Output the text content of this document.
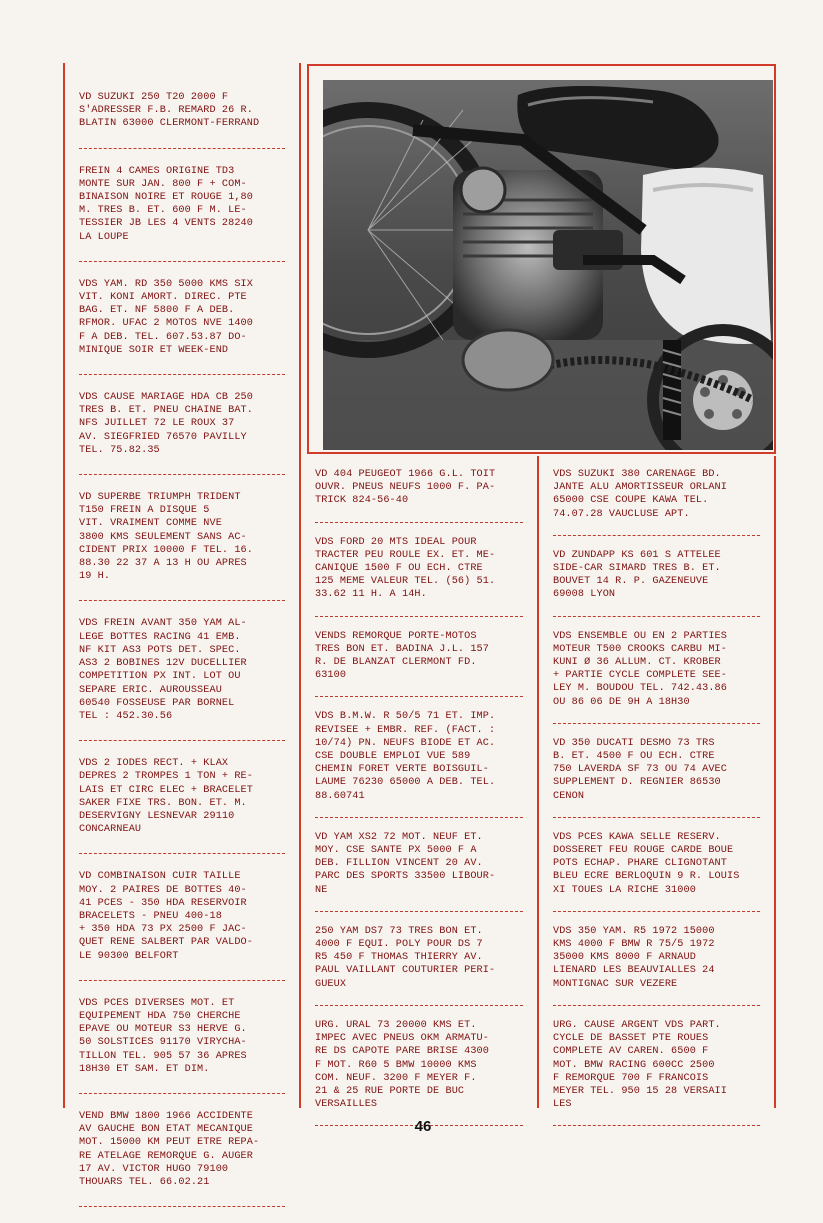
VD SUZUKI 250 T20 2000 F
S'ADRESSER F.B. REMARD 26 R.
BLATIN 63000 CLERMONT-FERRAND

FREIN 4 CAMES ORIGINE TD3
MONTE SUR JAN. 800 F + COM-
BINAISON NOIRE ET ROUGE 1,80
M. TRES B. ET. 600 F M. LE-
TESSIER JB LES 4 VENTS 28240
LA LOUPE

VDS YAM. RD 350 5000 KMS SIX
VIT. KONI AMORT. DIREC. PTE
BAG. ET. NF 5800 F A DEB.
RFMOR. UFAC 2 MOTOS NVE 1400
F A DEB. TEL. 607.53.87 DO-
MINIQUE SOIR ET WEEK-END

VDS CAUSE MARIAGE HDA CB 250
TRES B. ET. PNEU CHAINE BAT.
NFS JUILLET 72 LE ROUX 37
AV. SIEGFRIED 76570 PAVILLY
TEL. 75.82.35

VD SUPERBE TRIUMPH TRIDENT
T150 FREIN A DISQUE 5
VIT. VRAIMENT COMME NVE
3800 KMS SEULEMENT SANS AC-
CIDENT PRIX 10000 F TEL. 16.
88.30 22 37 A 13 H OU APRES
19 H.

VDS FREIN AVANT 350 YAM AL-
LEGE BOTTES RACING 41 EMB.
NF KIT AS3 POTS DET. SPEC.
AS3 2 BOBINES 12V DUCELLIER
COMPETITION PX INT. LOT OU
SEPARE ERIC. AUROUSSEAU
60540 FOSSEUSE PAR BORNEL
TEL : 452.30.56

VDS 2 IODES RECT. + KLAX
DEPRES 2 TROMPES 1 TON + RE-
LAIS ET CIRC ELEC + BRACELET
SAKER FIXE TRS. BON. ET. M.
DESERVIGNY LESNEVAR 29110
CONCARNEAU

VD COMBINAISON CUIR TAILLE
MOY. 2 PAIRES DE BOTTES 40-
41 PCES - 350 HDA RESERVOIR
BRACELETS - PNEU 400-18
+ 350 HDA 73 PX 2500 F JAC-
QUET RENE SALBERT PAR VALDO-
LE 90300 BELFORT

VDS PCES DIVERSES MOT. ET
EQUIPEMENT HDA 750 CHERCHE
EPAVE OU MOTEUR S3 HERVE G.
50 SOLSTICES 91170 VIRYCHA-
TILLON TEL. 905 57 36 APRES
18H30 ET SAM. ET DIM.

VEND BMW 1800 1966 ACCIDENTE
AV GAUCHE BON ETAT MECANIQUE
MOT. 15000 KM PEUT ETRE REPA-
RE ATELAGE REMORQUE G. AUGER
17 AV. VICTOR HUGO 79100
THOUARS TEL. 66.02.21

VD 404 PEUGEOT 1966 G.L. TOIT
OUVR. PNEUS NEUFS 1000 F. PA-
TRICK 824-56-40

VDS FORD 20 MTS IDEAL POUR
TRACTER PEU ROULE EX. ET. ME-
CANIQUE 1500 F OU ECH. CTRE
125 MEME VALEUR TEL. (56) 51.
33.62 11 H. A 14H.

VENDS REMORQUE PORTE-MOTOS
TRES BON ET. BADINA J.L. 157
R. DE BLANZAT CLERMONT FD.
63100

VDS B.M.W. R 50/5 71 ET. IMP.
REVISEE + EMBR. REF. (FACT. :
10/74) PN. NEUFS BIODE ET AC.
CSE DOUBLE EMPLOI VUE 589
CHEMIN FORET VERTE BOISGUIL-
LAUME 76230 65000 A DEB. TEL.
88.60741

VD YAM XS2 72 MOT. NEUF ET.
MOY. CSE SANTE PX 5000 F A
DEB. FILLION VINCENT 20 AV.
PARC DES SPORTS 33500 LIBOUR-
NE

250 YAM DS7 73 TRES BON ET.
4000 F EQUI. POLY POUR DS 7
R5 450 F THOMAS THIERRY AV.
PAUL VAILLANT COUTURIER PERI-
GUEUX

URG. URAL 73 20000 KMS ET.
IMPEC AVEC PNEUS OKM ARMATU-
RE DS CAPOTE PARE BRISE 4300
F MOT. R60 5 BMW 10000 KMS
COM. NEUF. 3200 F MEYER F.
21 & 25 RUE PORTE DE BUC
VERSAILLES

VDS SUZUKI 380 CARENAGE BD.
JANTE ALU AMORTISSEUR ORLANI
65000 CSE COUPE KAWA TEL.
74.07.28 VAUCLUSE APT.

VD ZUNDAPP KS 601 S ATTELEE
SIDE-CAR SIMARD TRES B. ET.
BOUVET 14 R. P. GAZENEUVE
69008 LYON

VDS ENSEMBLE OU EN 2 PARTIES
MOTEUR T500 CROOKS CARBU MI-
KUNI Ø 36 ALLUM. CT. KROBER
+ PARTIE CYCLE COMPLETE SEE-
LEY M. BOUDOU TEL. 742.43.86
OU 86 06 DE 9H A 18H30

VD 350 DUCATI DESMO 73 TRS
B. ET. 4500 F OU ECH. CTRE
750 LAVERDA SF 73 OU 74 AVEC
SUPPLEMENT D. REGNIER 86530
CENON

VDS PCES KAWA SELLE RESERV.
DOSSERET FEU ROUGE CARDE BOUE
POTS ECHAP. PHARE CLIGNOTANT
BLEU ECRE BERLOQUIN 9 R. LOUIS
XI TOUES LA RICHE 31000

VDS 350 YAM. R5 1972 15000
KMS 4000 F BMW R 75/5 1972
35000 KMS 8000 F ARNAUD
LIENARD LES BEAUVIALLES 24
MONTIGNAC SUR VEZERE

URG. CAUSE ARGENT VDS PART.
CYCLE DE BASSET PTE ROUES
COMPLETE AV CAREN. 6500 F
MOT. BMW RACING 600CC 2500
F REMORQUE 700 F FRANCOIS
MEYER TEL. 950 15 28 VERSAII
LES

46
